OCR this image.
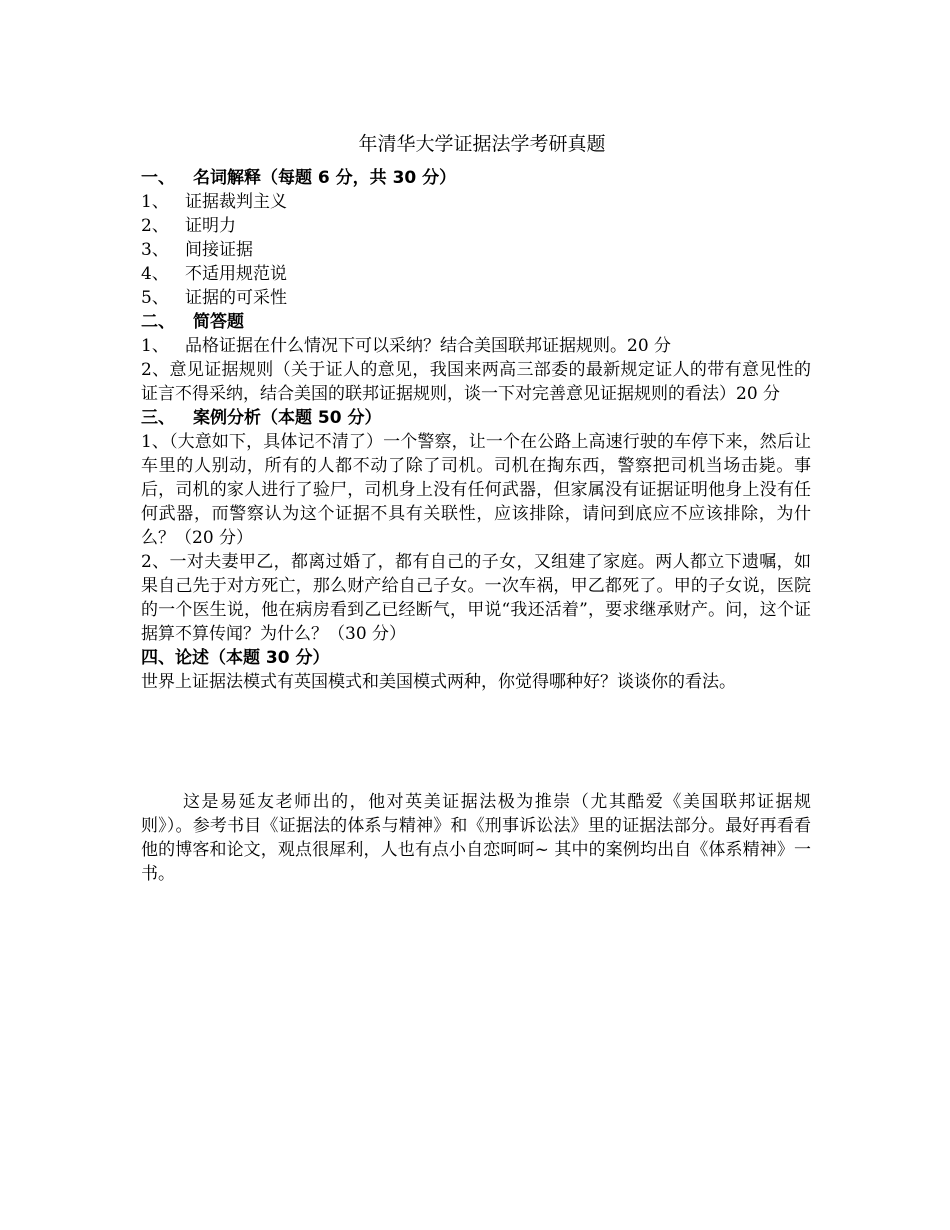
年清华大学证据法学考研真题
一、 名词解释（每题 6 分，共 30 分）
1、 证据裁判主义
2、 证明力
3、 间接证据
4、 不适用规范说
5、 证据的可采性
二、 简答题
1、 品格证据在什么情况下可以采纳？结合美国联邦证据规则。20 分
2、意见证据规则（关于证人的意见，我国来两高三部委的最新规定证人的带有意见性的证言不得采纳，结合美国的联邦证据规则，谈一下对完善意见证据规则的看法）20 分
三、 案例分析（本题 50 分）
1、（大意如下，具体记不清了）一个警察，让一个在公路上高速行驶的车停下来，然后让车里的人别动，所有的人都不动了除了司机。司机在掏东西，警察把司机当场击毙。事后，司机的家人进行了验尸，司机身上没有任何武器，但家属没有证据证明他身上没有任何武器，而警察认为这个证据不具有关联性，应该排除，请问到底应不应该排除，为什么？（20 分）
2、一对夫妻甲乙，都离过婚了，都有自己的子女，又组建了家庭。两人都立下遗嘱，如果自己先于对方死亡，那么财产给自己子女。一次车祸，甲乙都死了。甲的子女说，医院的一个医生说，他在病房看到乙已经断气，甲说“我还活着”，要求继承财产。问，这个证据算不算传闻？为什么？（30 分）
四、论述（本题 30 分）
世界上证据法模式有英国模式和美国模式两种，你觉得哪种好？谈谈你的看法。
这是易延友老师出的，他对英美证据法极为推崇（尤其酷爱《美国联邦证据规则》）。参考书目《证据法的体系与精神》和《刑事诉讼法》里的证据法部分。最好再看看他的博客和论文，观点很犀利，人也有点小自恋呵呵~ 其中的案例均出自《体系精神》一书。
